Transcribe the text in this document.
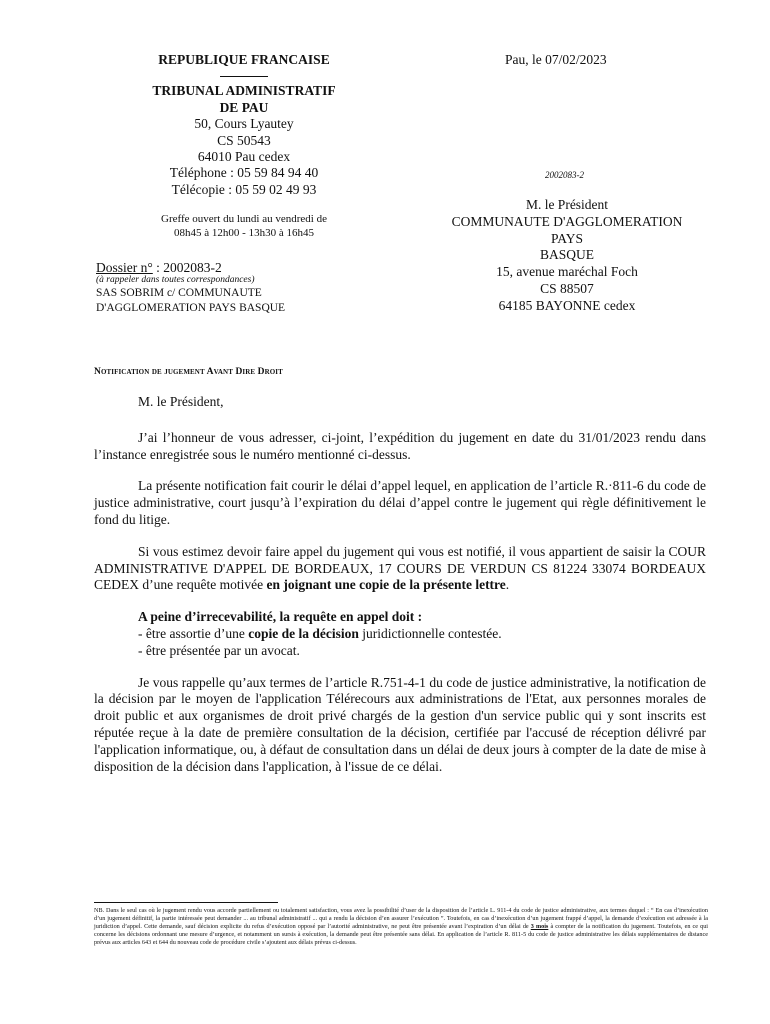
REPUBLIQUE FRANCAISE
TRIBUNAL ADMINISTRATIF
DE PAU
50, Cours Lyautey
CS 50543
64010 Pau cedex
Téléphone : 05 59 84 94 40
Télécopie : 05 59 02 49 93
Greffe ouvert du lundi au vendredi de
08h45 à 12h00 - 13h30 à 16h45
Dossier n° : 2002083-2
(à rappeler dans toutes correspondances)
SAS SOBRIM c/ COMMUNAUTE
D'AGGLOMERATION PAYS BASQUE
Pau, le 07/02/2023
2002083-2
M. le Président
COMMUNAUTE D'AGGLOMERATION
PAYS
BASQUE
15, avenue maréchal Foch
CS 88507
64185 BAYONNE cedex
Notification de jugement Avant Dire Droit

M. le Président,

J’ai l’honneur de vous adresser, ci-joint, l’expédition du jugement en date du 31/01/2023 rendu dans l’instance enregistrée sous le numéro mentionné ci-dessus.

La présente notification fait courir le délai d’appel lequel, en application de l’article R.·811-6 du code de justice administrative, court jusqu’à l’expiration du délai d’appel contre le jugement qui règle définitivement le fond du litige.

Si vous estimez devoir faire appel du jugement qui vous est notifié, il vous appartient de saisir la COUR ADMINISTRATIVE D'APPEL DE BORDEAUX, 17 COURS DE VERDUN CS 81224 33074 BORDEAUX CEDEX d’une requête motivée en joignant une copie de la présente lettre.

A peine d’irrecevabilité, la requête en appel doit :
- être assortie d’une copie de la décision juridictionnelle contestée.
- être présentée par un avocat.

Je vous rappelle qu’aux termes de l’article R.751-4-1 du code de justice administrative, la notification de la décision par le moyen de l'application Télérecours aux administrations de l'Etat, aux personnes morales de droit public et aux organismes de droit privé chargés de la gestion d'un service public qui y sont inscrits est réputée reçue à la date de première consultation de la décision, certifiée par l'accusé de réception délivré par l'application informatique, ou, à défaut de consultation dans un délai de deux jours à compter de la date de mise à disposition de la décision dans l'application, à l'issue de ce délai.

NB. Dans le seul cas où le jugement rendu vous accorde partiellement ou totalement satisfaction, vous avez la possibilité d’user de la disposition de l’article L. 911-4 du code de justice administrative, aux termes duquel : “ En cas d’inexécution d’un jugement définitif, la partie intéressée peut demander ... au tribunal administratif ... qui a rendu la décision d’en assurer l’exécution ”. Toutefois, en cas d’inexécution d’un jugement frappé d’appel, la demande d’exécution est adressée à la juridiction d’appel. Cette demande, sauf décision explicite du refus d’exécution opposé par l’autorité administrative, ne peut être présentée avant l’expiration d’un délai de 3 mois à compter de la notification du jugement. Toutefois, en ce qui concerne les décisions ordonnant une mesure d’urgence, et notamment un sursis à exécution, la demande peut être présentée sans délai. En application de l’article R. 811-5 du code de justice administrative les délais supplémentaires de distance prévus aux articles 643 et 644 du nouveau code de procédure civile s’ajoutent aux délais prévus ci-dessus.
